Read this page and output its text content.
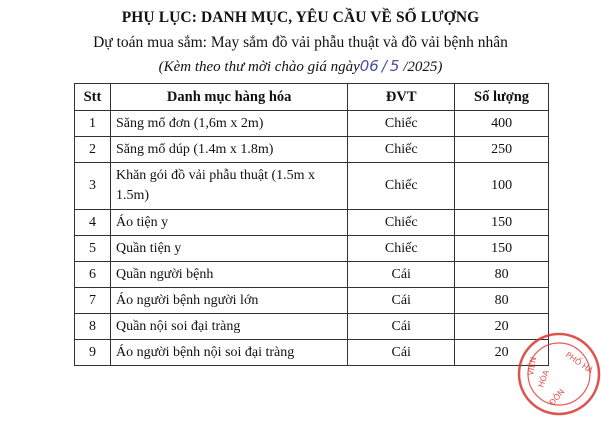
PHỤ LỤC: DANH MỤC, YÊU CẦU VỀ SỐ LƯỢNG
Dự toán mua sắm: May sắm đồ vải phẫu thuật và đồ vải bệnh nhân
(Kèm theo thư mời chào giá ngày06 / 5 /2025)
Stt	Danh mục hàng hóa	ĐVT	Số lượng
1	Săng mổ đơn (1,6m x 2m)	Chiếc	400
2	Săng mổ dúp (1.4m x 1.8m)	Chiếc	250
3	Khăn gói đồ vải phẫu thuật (1.5m x 1.5m)	Chiếc	100
4	Áo tiện y	Chiếc	150
5	Quần tiện y	Chiếc	150
6	Quần người bệnh	Cái	80
7	Áo người bệnh người lớn	Cái	80
8	Quần nội soi đại tràng	Cái	20
9	Áo người bệnh nội soi đại tràng	Cái	20	PHỐ HÀ
VIỆN
HÓA
ĐÔN
